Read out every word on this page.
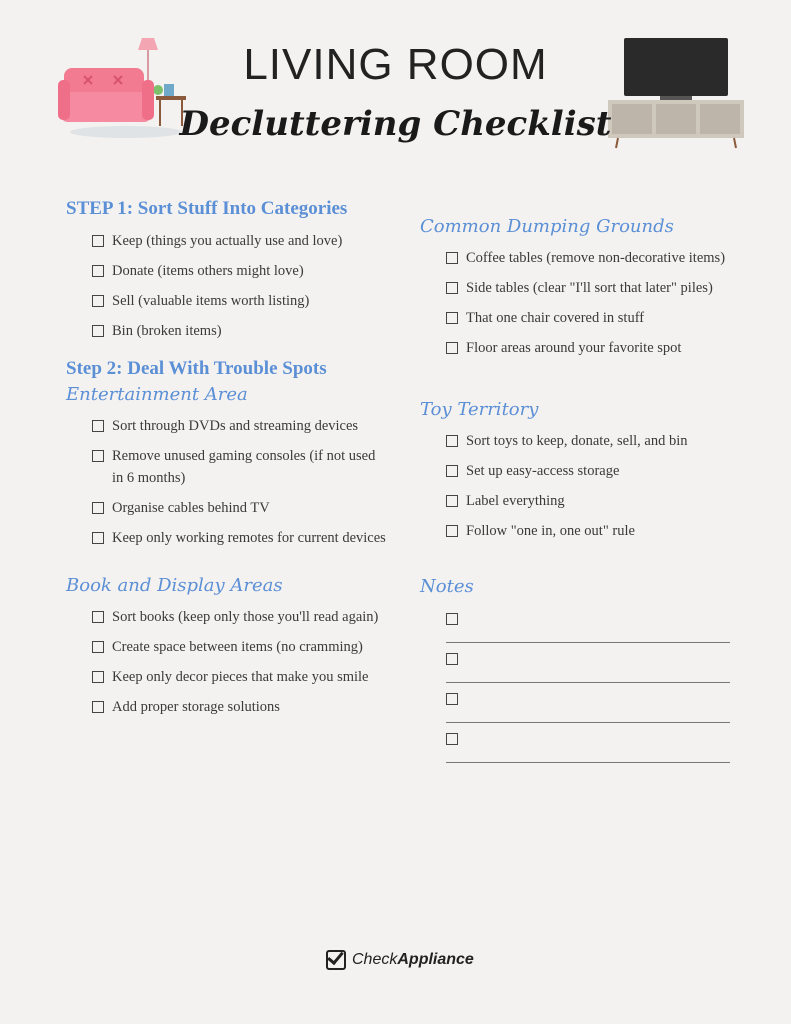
LIVING ROOM
Decluttering Checklist
STEP 1: Sort Stuff Into Categories
Keep (things you actually use and love)
Donate (items others might love)
Sell (valuable items worth listing)
Bin (broken items)
Step 2: Deal With Trouble Spots
Entertainment Area
Sort through DVDs and streaming devices
Remove unused gaming consoles (if not used in 6 months)
Organise cables behind TV
Keep only working remotes for current devices
Book and Display Areas
Sort books (keep only those you'll read again)
Create space between items (no cramming)
Keep only decor pieces that make you smile
Add proper storage solutions
Common Dumping Grounds
Coffee tables (remove non-decorative items)
Side tables (clear "I'll sort that later" piles)
That one chair covered in stuff
Floor areas around your favorite spot
Toy Territory
Sort toys to keep, donate, sell, and bin
Set up easy-access storage
Label everything
Follow "one in, one out" rule
Notes
Check Appliance
